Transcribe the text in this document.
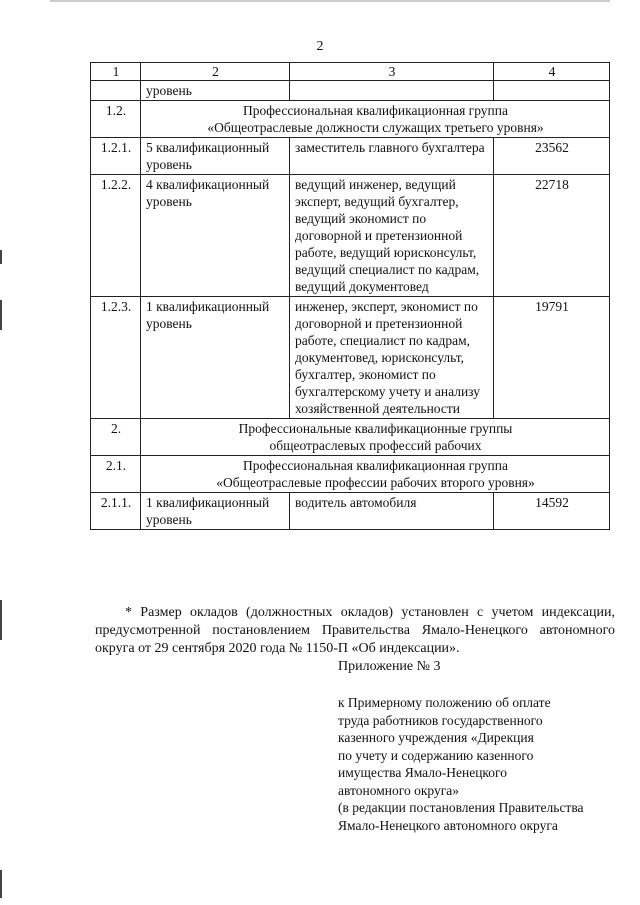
2
1	2	3	4

	уровень		

1.2.	Профессиональная квалификационная группа
«Общеотраслевые должности служащих третьего уровня»		

1.2.1.	5 квалификационный уровень	заместитель главного бухгалтера	23562

1.2.2.	4 квалификационный уровень	ведущий инженер, ведущий эксперт, ведущий бухгалтер, ведущий экономист по договорной и претензионной работе, ведущий юрисконсульт, ведущий специалист по кадрам, ведущий документовед	22718

1.2.3.	1 квалификационный уровень	инженер, эксперт, экономист по договорной и претензионной работе, специалист по кадрам, документовед, юрисконсульт, бухгалтер, экономист по бухгалтерскому учету и анализу хозяйственной деятельности	19791

2.	Профессиональные квалификационные группы
общеотраслевых профессий рабочих		

2.1.	Профессиональная квалификационная группа
«Общеотраслевые профессии рабочих второго уровня»		

2.1.1.	1 квалификационный уровень	водитель автомобиля	14592
* Размер окладов (должностных окладов) установлен с учетом индексации, предусмотренной постановлением Правительства Ямало-Ненецкого автономного округа от 29 сентября 2020 года № 1150-П «Об индексации».
Приложение № 3
к Примерному положению об оплате
труда работников государственного
казенного учреждения «Дирекция
по учету и содержанию казенного
имущества Ямало-Ненецкого
автономного округа»
(в редакции постановления Правительства
Ямало-Ненецкого автономного округа
